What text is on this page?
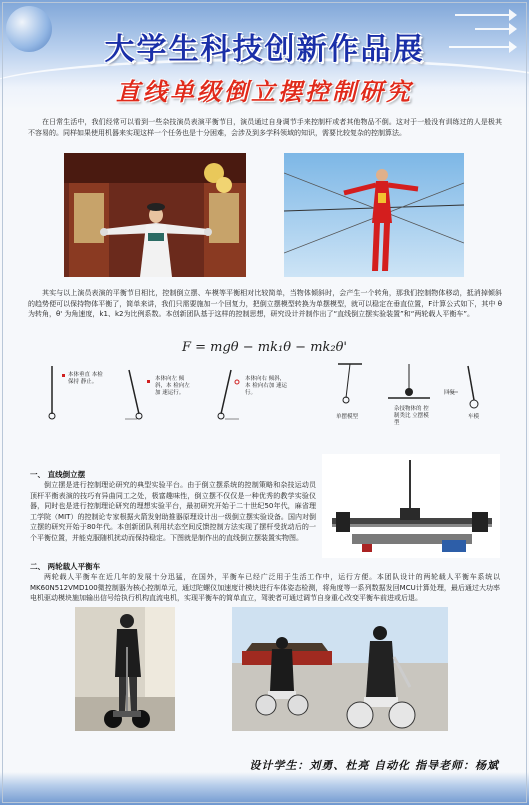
大学生科技创新作品展
直线单级倒立摆控制研究

在日常生活中，我们经常可以看到一些杂技演员表演平衡节目，演员通过自身调节手来控制杆或者其他物品不倒。这对于一般没有训练过的人是极其不容易的。同样如果使用机器来实现这样一个任务也是十分困难，会涉及到多学科领域的知识，需要比较复杂的控制算法。

其实与以上演员表演的平衡节目相比，控制倒立摆、车模等平衡相对比较简单，当物体倾斜时，会产生一个转角，那我们控制物体移动，抵消掉倾斜的趋势便可以保持物体平衡了，简单来讲，我们只需要施加一个回复力，把倒立摆模型转换为单摆模型，就可以稳定在垂直位置，F计算公式如下，其中 θ 为转角，θ' 为角速度，k1、k2为比例系数。本创新团队基于这样的控制思想，研究设计并制作出了“直线倒立摆实验装置”和“两轮载人平衡车”。

F = mgθ − mk₁θ − mk₂θ'
本体垂直 本检保持 静止。	本体向左 倾斜，本 检向左加 速运行。
本体向右 倾斜，本 检向右加 速运行。
单摆模型
杂技物体的 控制类比 立摆模型
回复
车模
一、 直线倒立摆

倒立摆是进行控制理论研究的典型实验平台。由于倒立摆系统的控制策略和杂技运动员顶杆平衡表演的技巧有异曲同工之处，极富趣味性，倒立摆不仅仅是一种优秀的教学实验仪器，同时也是进行控制理论研究的理想实验平台，最初研究开始于二十世纪50年代，麻省理工学院（MIT）的控制论专家根据火箭发射助推器原理设计出一级倒立摆实验设备。国内对倒立摆的研究开始于80年代。本创新团队利用状态空间反馈控制方法实现了摆杆受扰动后的一个平衡位置，并能克服随机扰动而保持稳定。下图就是制作出的直线倒立摆装置实物图。

二、 两轮载人平衡车

两轮载人平衡车在近几年的发展十分迅猛，在国外，平衡车已经广泛用于生活工作中，运行方便。本团队设计的两轮载人平衡车系统以MK60N512VMD100微控制器为核心控制单元，通过陀螺仪加速度计模块进行车体姿态检测，将角度等一系列数据发回MCU计算处理，最后通过大功率电机驱动模块施加输出信号给执行机构直流电机，实现平衡车的简单直立，驾驶者可通过调节自身重心改变平衡车前进或后退。

设计学生：刘勇、杜亮 自动化 指导老师：杨斌
